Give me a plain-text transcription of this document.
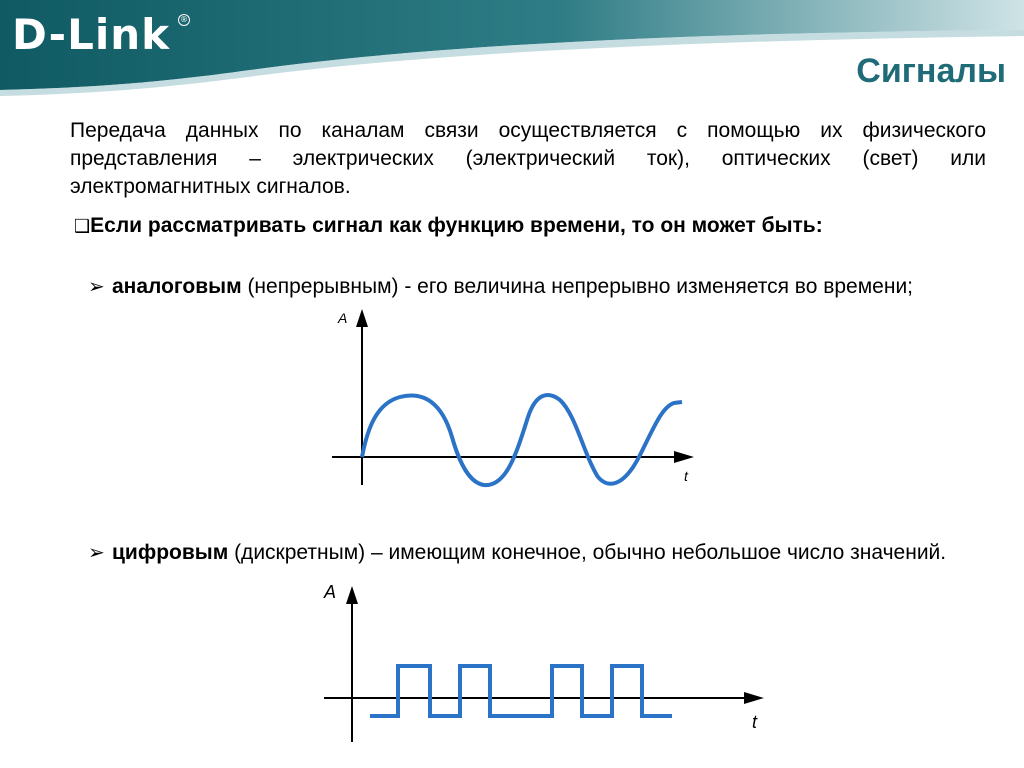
D-Link ®
Сигналы
Передача данных по каналам связи осуществляется с помощью их физического представления – электрических (электрический ток), оптических (свет) или электромагнитных сигналов.
❑Если рассматривать сигнал как функцию времени, то он может быть:
➢ аналоговым (непрерывным) - его величина непрерывно изменяется во времени;
A
t
➢ цифровым (дискретным) – имеющим конечное, обычно небольшое число значений.
A
t
